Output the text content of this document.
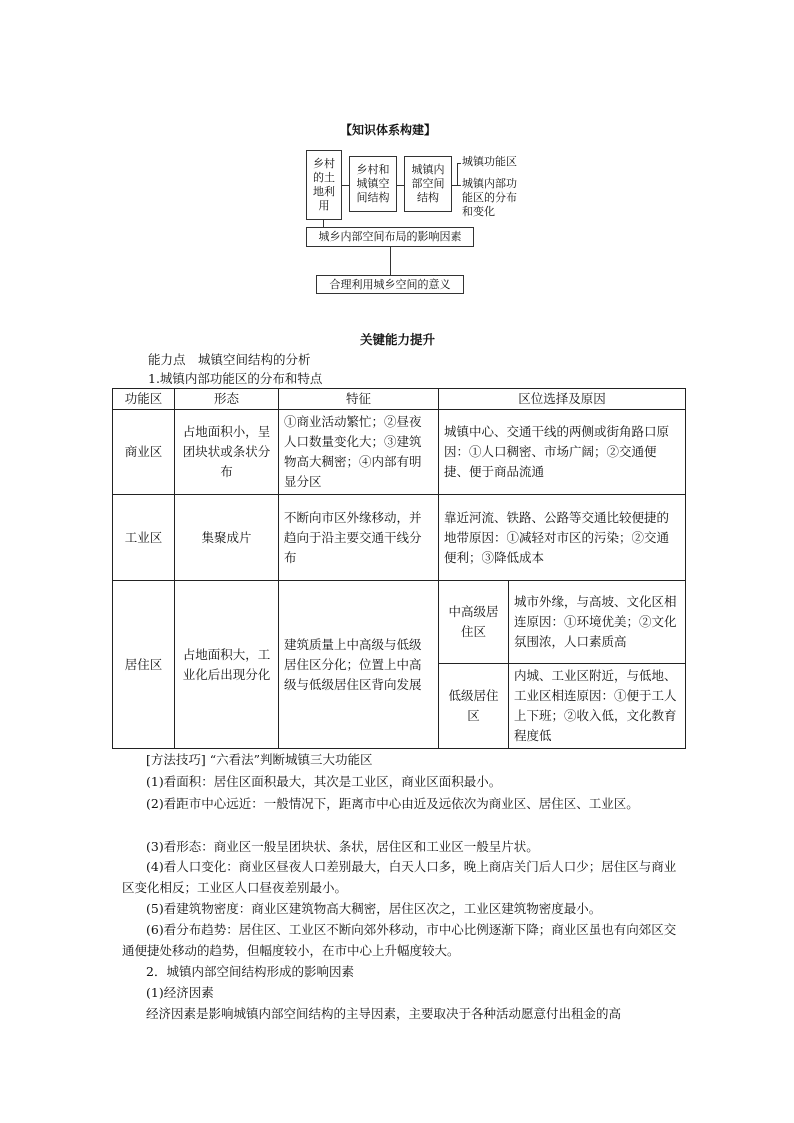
【知识体系构建】
乡村的土地利用
乡村和城镇空间结构
城镇内部空间结构
城镇功能区
城镇内部功能区的分布和变化
城乡内部空间布局的影响因素
合理利用城乡空间的意义
关键能力提升
能力点　城镇空间结构的分析
1.城镇内部功能区的分布和特点
功能区	形态	特征	区位选择及原因	
商业区	占地面积小，呈团块状或条状分布	①商业活动繁忙；②昼夜人口数量变化大；③建筑物高大稠密；④内部有明显分区	城镇中心、交通干线的两侧或街角路口原因：①人口稠密、市场广阔；②交通便捷、便于商品流通	
工业区	集聚成片	不断向市区外缘移动，并趋向于沿主要交通干线分布	靠近河流、铁路、公路等交通比较便捷的地带原因：①减轻对市区的污染；②交通便利；③降低成本	
居住区	占地面积大，工业化后出现分化	建筑质量上中高级与低级居住区分化；位置上中高级与低级居住区背向发展	中高级居住区	城市外缘，与高坡、文化区相连原因：①环境优美；②文化氛围浓，人口素质高
			低级居住区	内城、工业区附近，与低地、工业区相连原因：①便于工人上下班；②收入低，文化教育程度低
[方法技巧] “六看法”判断城镇三大功能区
(1)看面积：居住区面积最大，其次是工业区，商业区面积最小。
(2)看距市中心远近：一般情况下，距离市中心由近及远依次为商业区、居住区、工业区。
(3)看形态：商业区一般呈团块状、条状，居住区和工业区一般呈片状。
(4)看人口变化：商业区昼夜人口差别最大，白天人口多，晚上商店关门后人口少；居住区与商业区变化相反；工业区人口昼夜差别最小。
(5)看建筑物密度：商业区建筑物高大稠密，居住区次之，工业区建筑物密度最小。
(6)看分布趋势：居住区、工业区不断向郊外移动，市中心比例逐渐下降；商业区虽也有向郊区交通便捷处移动的趋势，但幅度较小，在市中心上升幅度较大。
2．城镇内部空间结构形成的影响因素
(1)经济因素
经济因素是影响城镇内部空间结构的主导因素，主要取决于各种活动愿意付出租金的高
